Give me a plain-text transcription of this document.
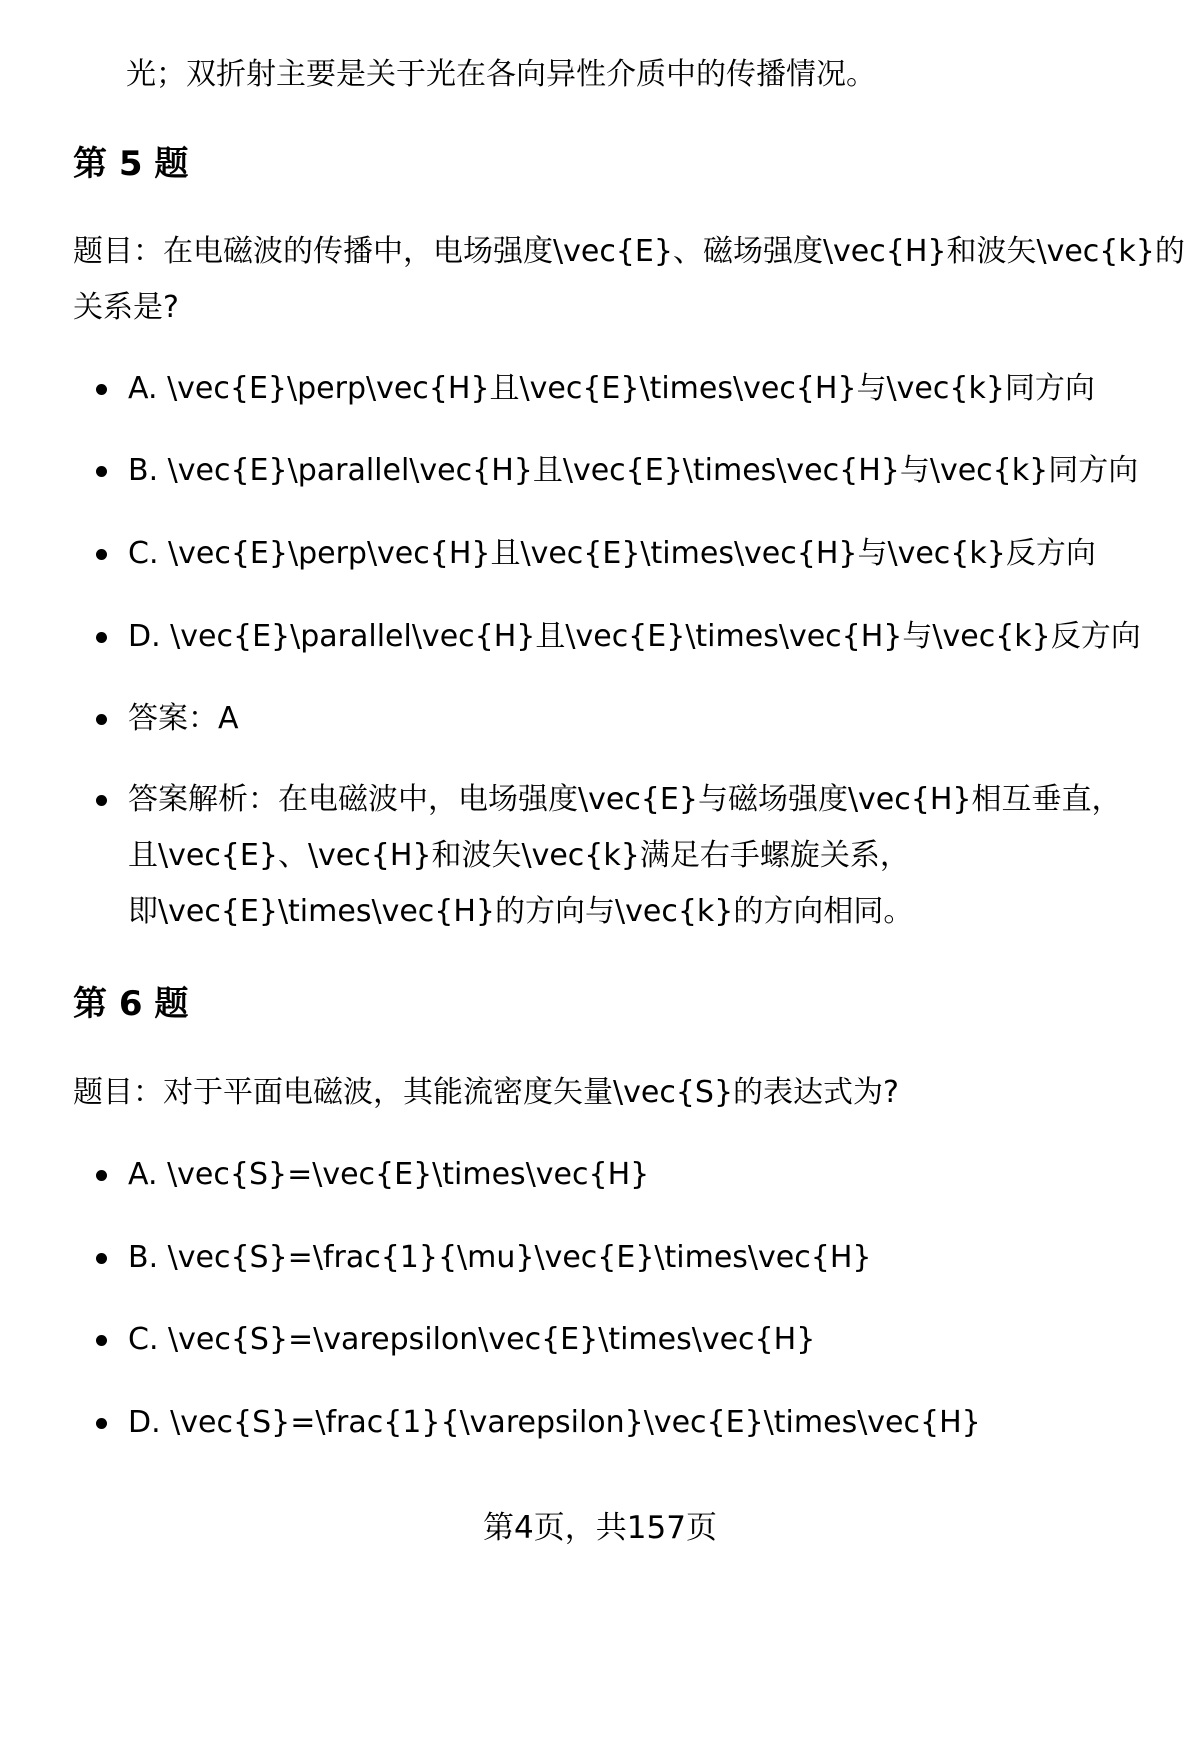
光；双折射主要是关于光在各向异性介质中的传播情况。
第 5 题
题目：在电磁波的传播中，电场强度\vec{E}、磁场强度\vec{H}和波矢\vec{k}的
关系是?
A. \vec{E}\perp\vec{H}且\vec{E}\times\vec{H}与\vec{k}同方向
B. \vec{E}\parallel\vec{H}且\vec{E}\times\vec{H}与\vec{k}同方向
C. \vec{E}\perp\vec{H}且\vec{E}\times\vec{H}与\vec{k}反方向
D. \vec{E}\parallel\vec{H}且\vec{E}\times\vec{H}与\vec{k}反方向
答案：A
答案解析：在电磁波中，电场强度\vec{E}与磁场强度\vec{H}相互垂直，
且\vec{E}、\vec{H}和波矢\vec{k}满足右手螺旋关系，
即\vec{E}\times\vec{H}的方向与\vec{k}的方向相同。
第 6 题
题目：对于平面电磁波，其能流密度矢量\vec{S}的表达式为?
A. \vec{S}=\vec{E}\times\vec{H}
B. \vec{S}=\frac{1}{\mu}\vec{E}\times\vec{H}
C. \vec{S}=\varepsilon\vec{E}\times\vec{H}
D. \vec{S}=\frac{1}{\varepsilon}\vec{E}\times\vec{H}
第4页，共157页
